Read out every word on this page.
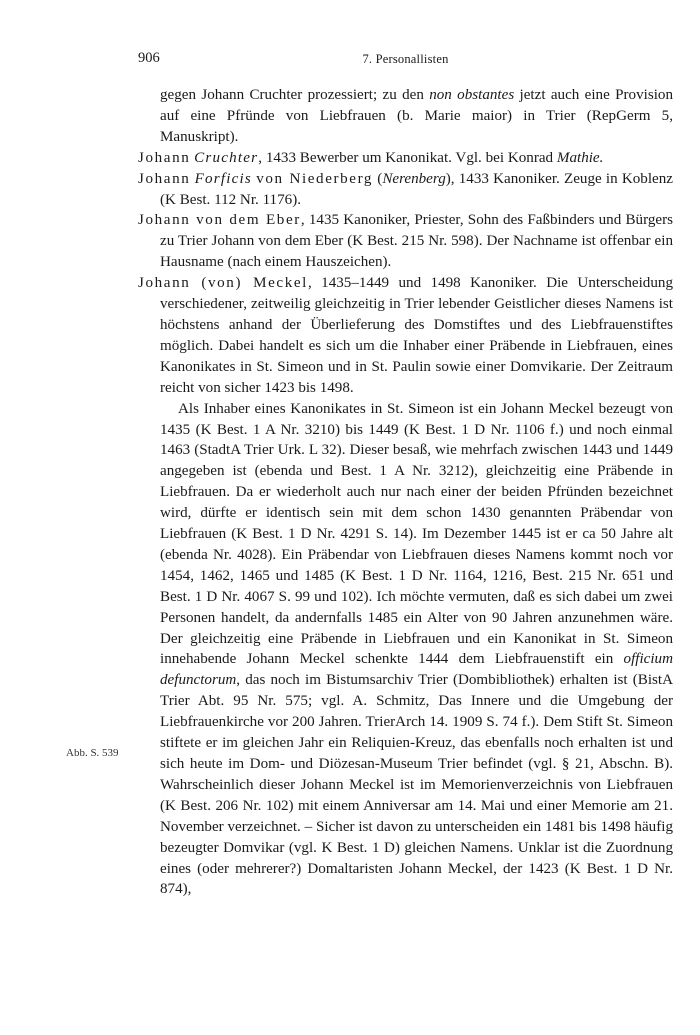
906	7. Personallisten
Abb. S. 539

gegen Johann Cruchter prozessiert; zu den non obstantes jetzt auch eine Provision auf eine Pfründe von Liebfrauen (b. Marie maior) in Trier (RepGerm 5, Manuskript).

Johann Cruchter, 1433 Bewerber um Kanonikat. Vgl. bei Konrad Mathie.

Johann Forficis von Niederberg (Nerenberg), 1433 Kanoniker. Zeuge in Koblenz (K Best. 112 Nr. 1176).

Johann von dem Eber, 1435 Kanoniker, Priester, Sohn des Faßbinders und Bürgers zu Trier Johann von dem Eber (K Best. 215 Nr. 598). Der Nachname ist offenbar ein Hausname (nach einem Hauszeichen).

Johann (von) Meckel, 1435–1449 und 1498 Kanoniker. Die Unterscheidung verschiedener, zeitweilig gleichzeitig in Trier lebender Geistlicher dieses Namens ist höchstens anhand der Überlieferung des Domstiftes und des Liebfrauenstiftes möglich. Dabei handelt es sich um die Inhaber einer Präbende in Liebfrauen, eines Kanonikates in St. Simeon und in St. Paulin sowie einer Domvikarie. Der Zeitraum reicht von sicher 1423 bis 1498.

Als Inhaber eines Kanonikates in St. Simeon ist ein Johann Meckel bezeugt von 1435 (K Best. 1 A Nr. 3210) bis 1449 (K Best. 1 D Nr. 1106 f.) und noch einmal 1463 (StadtA Trier Urk. L 32). Dieser besaß, wie mehrfach zwischen 1443 und 1449 angegeben ist (ebenda und Best. 1 A Nr. 3212), gleichzeitig eine Präbende in Liebfrauen. Da er wiederholt auch nur nach einer der beiden Pfründen bezeichnet wird, dürfte er identisch sein mit dem schon 1430 genannten Präbendar von Liebfrauen (K Best. 1 D Nr. 4291 S. 14). Im Dezember 1445 ist er ca 50 Jahre alt (ebenda Nr. 4028). Ein Präbendar von Liebfrauen dieses Namens kommt noch vor 1454, 1462, 1465 und 1485 (K Best. 1 D Nr. 1164, 1216, Best. 215 Nr. 651 und Best. 1 D Nr. 4067 S. 99 und 102). Ich möchte vermuten, daß es sich dabei um zwei Personen handelt, da andernfalls 1485 ein Alter von 90 Jahren anzunehmen wäre. Der gleichzeitig eine Präbende in Liebfrauen und ein Kanonikat in St. Simeon innehabende Johann Meckel schenkte 1444 dem Liebfrauenstift ein officium defunctorum, das noch im Bistumsarchiv Trier (Dombibliothek) erhalten ist (BistA Trier Abt. 95 Nr. 575; vgl. A. Schmitz, Das Innere und die Umgebung der Liebfrauenkirche vor 200 Jahren. TrierArch 14. 1909 S. 74 f.). Dem Stift St. Simeon stiftete er im gleichen Jahr ein Reliquien-Kreuz, das ebenfalls noch erhalten ist und sich heute im Dom- und Diözesan-Museum Trier befindet (vgl. § 21, Abschn. B). Wahrscheinlich dieser Johann Meckel ist im Memorienverzeichnis von Liebfrauen (K Best. 206 Nr. 102) mit einem Anniversar am 14. Mai und einer Memorie am 21. November verzeichnet. – Sicher ist davon zu unterscheiden ein 1481 bis 1498 häufig bezeugter Domvikar (vgl. K Best. 1 D) gleichen Namens. Unklar ist die Zuordnung eines (oder mehrerer?) Domaltaristen Johann Meckel, der 1423 (K Best. 1 D Nr. 874),
